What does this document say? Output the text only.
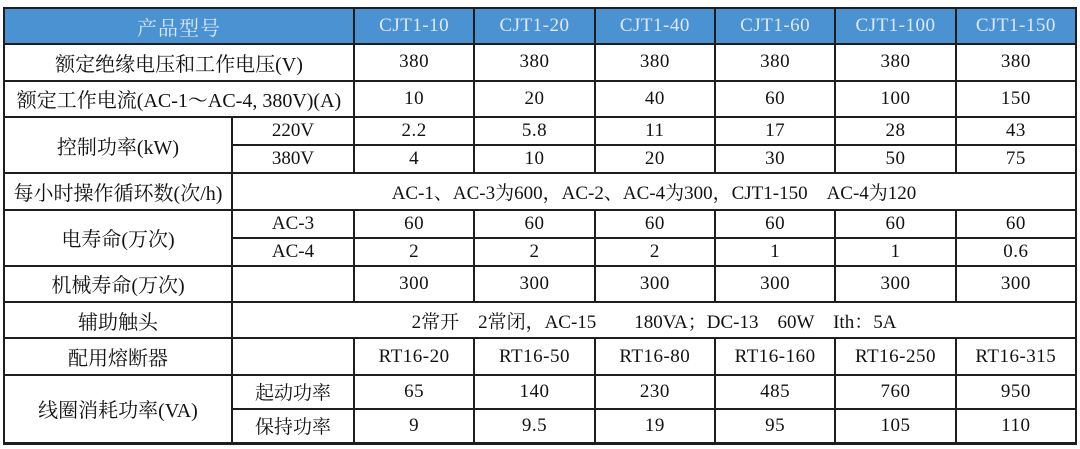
产品型号		CJT1-10	CJT1-20	CJT1-40	CJT1-60	CJT1-100	CJT1-150
额定绝缘电压和工作电压(V)		380	380	380	380	380	380
额定工作电流(AC-1～AC-4, 380V)(A)		10	20	40	60	100	150
控制功率(kW)	220V	2.2	5.8	11	17	28	43
	380V	4	10	20	30	50	75
每小时操作循环数(次/h)	AC-1、AC-3为600，AC-2、AC-4为300，CJT1-150　AC-4为120						
电寿命(万次)	AC-3	60	60	60	60	60	60
	AC-4	2	2	2	1	1	0.6
机械寿命(万次)		300	300	300	300	300	300
辅助触头	2常开　2常闭，AC-15　　180VA；DC-13　60W　Ith：5A						
配用熔断器		RT16-20	RT16-50	RT16-80	RT16-160	RT16-250	RT16-315
线圈消耗功率(VA)	起动功率	65	140	230	485	760	950
	保持功率	9	9.5	19	95	105	110
